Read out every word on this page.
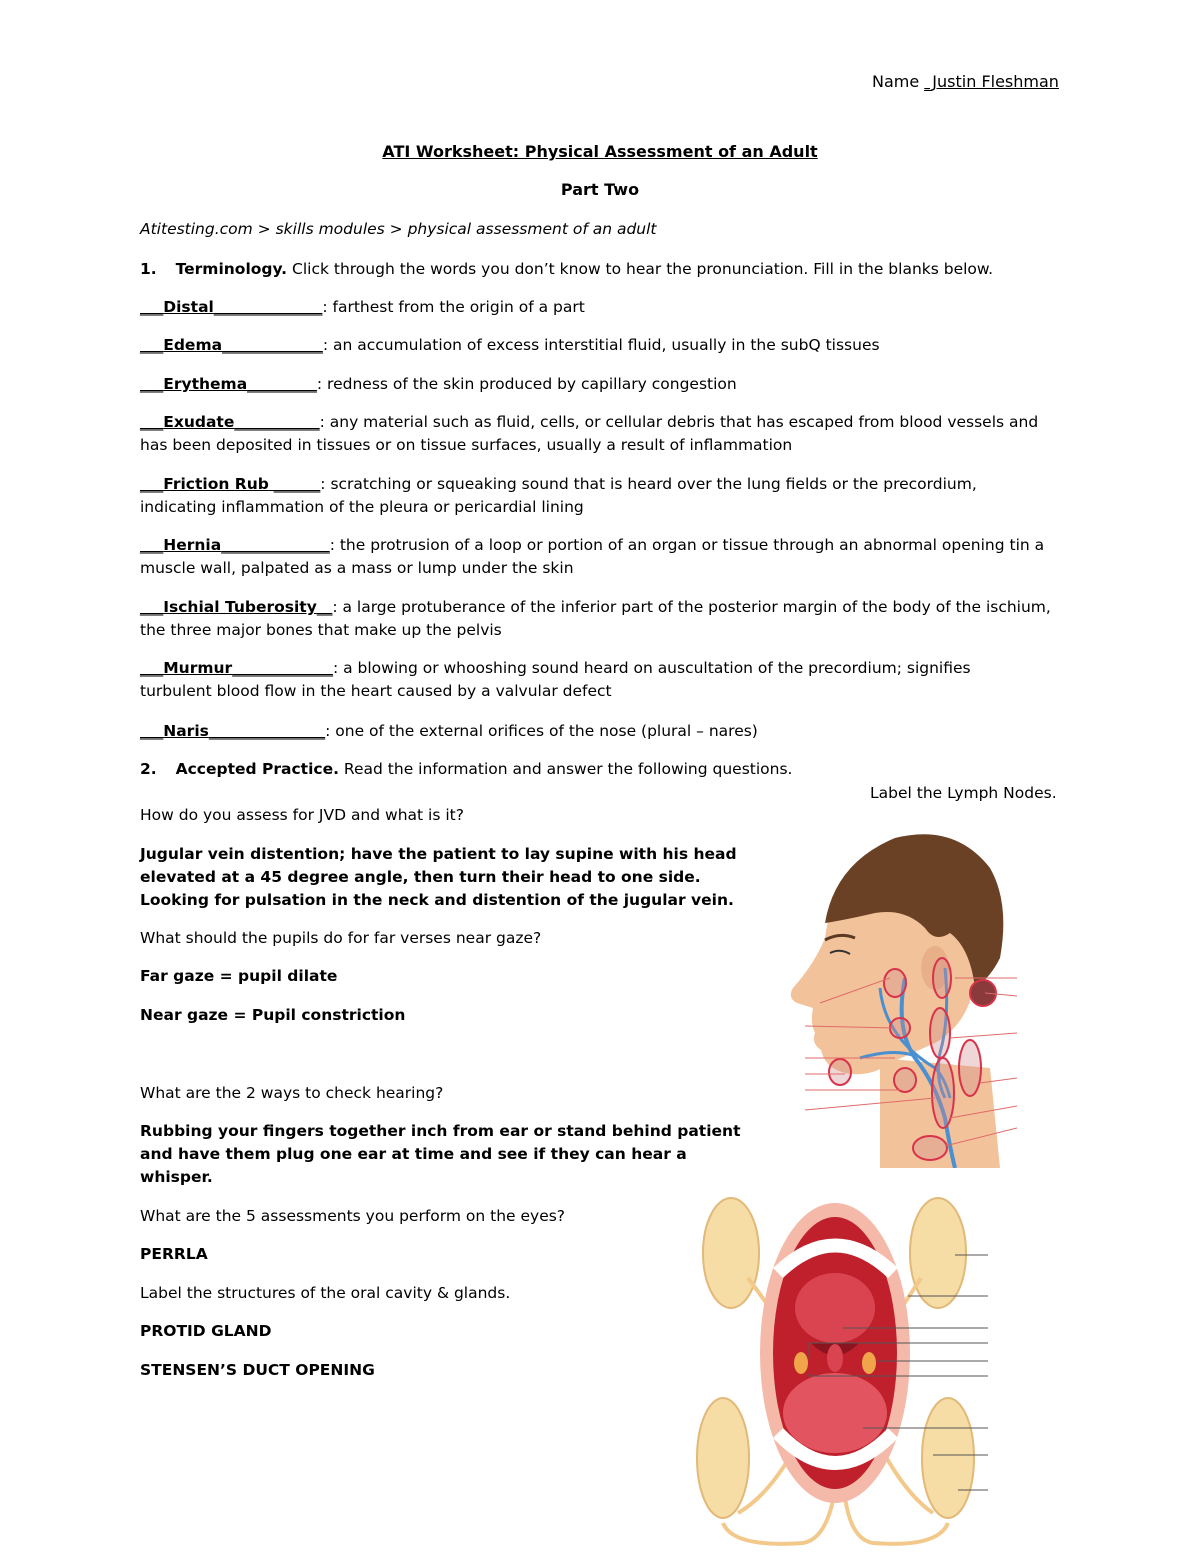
Name _Justin Fleshman
ATI Worksheet: Physical Assessment of an Adult
Part Two
Atitesting.com > skills modules > physical assessment of an adult
1. Terminology. Click through the words you don’t know to hear the pronunciation. Fill in the blanks below.
___Distal______________: farthest from the origin of a part
___Edema_____________: an accumulation of excess interstitial fluid, usually in the subQ tissues
___Erythema_________: redness of the skin produced by capillary congestion
___Exudate___________: any material such as fluid, cells, or cellular debris that has escaped from blood vessels and
has been deposited in tissues or on tissue surfaces, usually a result of inflammation
___Friction Rub ______: scratching or squeaking sound that is heard over the lung fields or the precordium,
indicating inflammation of the pleura or pericardial lining
___Hernia______________: the protrusion of a loop or portion of an organ or tissue through an abnormal opening tin a
muscle wall, palpated as a mass or lump under the skin
___Ischial Tuberosity__: a large protuberance of the inferior part of the posterior margin of the body of the ischium,
the three major bones that make up the pelvis
___Murmur_____________: a blowing or whooshing sound heard on auscultation of the precordium; signifies
turbulent blood flow in the heart caused by a valvular defect
___Naris_______________: one of the external orifices of the nose (plural – nares)
2. Accepted Practice. Read the information and answer the following questions.
Label the Lymph Nodes.
How do you assess for JVD and what is it?
Jugular vein distention; have the patient to lay supine with his head
elevated at a 45 degree angle, then turn their head to one side.
Looking for pulsation in the neck and distention of the jugular vein.
What should the pupils do for far verses near gaze?
Far gaze = pupil dilate
Near gaze = Pupil constriction
What are the 2 ways to check hearing?
Rubbing your fingers together inch from ear or stand behind patient
and have them plug one ear at time and see if they can hear a
whisper.
What are the 5 assessments you perform on the eyes?
PERRLA
Label the structures of the oral cavity & glands.
PROTID GLAND
STENSEN’S DUCT OPENING
